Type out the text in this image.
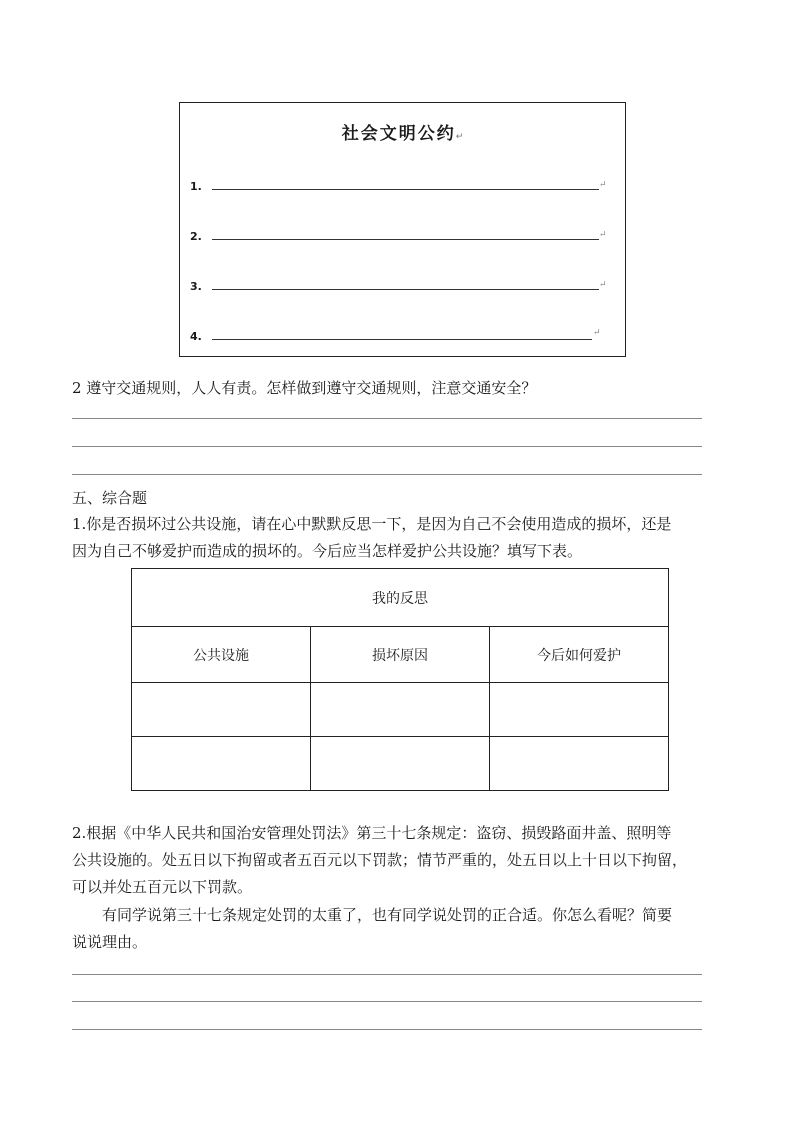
社会文明公约↵
1.	↵
2.	↵
3.	↵
4.	↵
2 遵守交通规则，人人有责。怎样做到遵守交通规则，注意交通安全？
五、综合题
1.你是否损坏过公共设施，请在心中默默反思一下，是因为自己不会使用造成的损坏，还是
因为自己不够爱护而造成的损坏的。今后应当怎样爱护公共设施？填写下表。
我的反思		
公共设施	损坏原因	今后如何爱护

2.根据《中华人民共和国治安管理处罚法》第三十七条规定：盗窃、损毁路面井盖、照明等
公共设施的。处五日以下拘留或者五百元以下罚款；情节严重的，处五日以上十日以下拘留，
可以并处五百元以下罚款。
有同学说第三十七条规定处罚的太重了，也有同学说处罚的正合适。你怎么看呢？简要
说说理由。
